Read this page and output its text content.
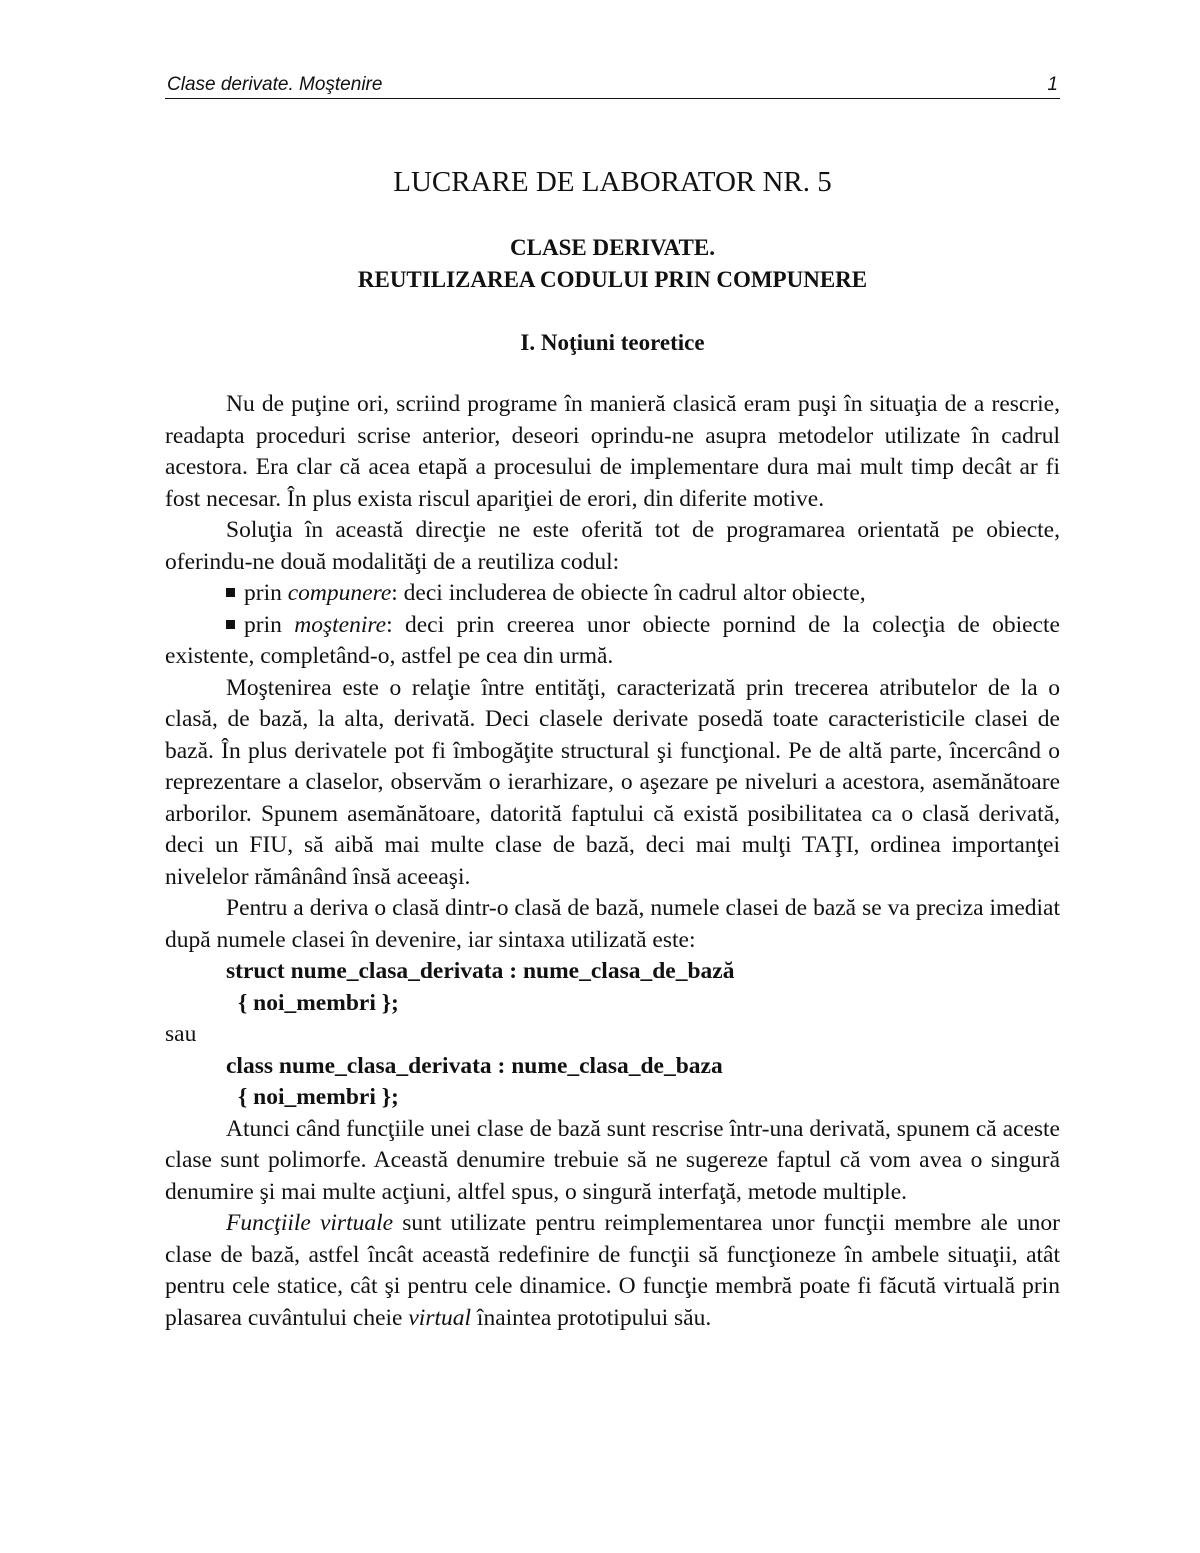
Clase derivate. Moştenire	1
LUCRARE DE LABORATOR NR. 5
CLASE DERIVATE.
REUTILIZAREA CODULUI PRIN COMPUNERE
I. Noţiuni teoretice

Nu de puţine ori, scriind programe în manieră clasică eram puşi în situaţia de a rescrie, readapta proceduri scrise anterior, deseori oprindu-ne asupra metodelor utilizate în cadrul acestora. Era clar că acea etapă a procesului de implementare dura mai mult timp decât ar fi fost necesar. În plus exista riscul apariţiei de erori, din diferite motive.

Soluţia în această direcţie ne este oferită tot de programarea orientată pe obiecte, oferindu-ne două modalităţi de a reutiliza codul:

prin compunere: deci includerea de obiecte în cadrul altor obiecte,
prin moştenire: deci prin creerea unor obiecte pornind de la colecţia de obiecte existente, completând-o, astfel pe cea din urmă.

Moştenirea este o relaţie între entităţi, caracterizată prin trecerea atributelor de la o clasă, de bază, la alta, derivată. Deci clasele derivate posedă toate caracteristicile clasei de bază. În plus derivatele pot fi îmbogăţite structural şi funcţional. Pe de altă parte, încercând o reprezentare a claselor, observăm o ierarhizare, o aşezare pe niveluri a acestora, asemănătoare arborilor. Spunem asemănătoare, datorită faptului că există posibilitatea ca o clasă derivată, deci un FIU, să aibă mai multe clase de bază, deci mai mulţi TAŢI, ordinea importanţei nivelelor rămânând însă aceeaşi.

Pentru a deriva o clasă dintr-o clasă de bază, numele clasei de bază se va preciza imediat după numele clasei în devenire, iar sintaxa utilizată este:

struct nume_clasa_derivata : nume_clasa_de_bază
{ noi_membri };

sau

class nume_clasa_derivata : nume_clasa_de_baza
{ noi_membri };

Atunci când funcţiile unei clase de bază sunt rescrise într-una derivată, spunem că aceste clase sunt polimorfe. Această denumire trebuie să ne sugereze faptul că vom avea o singură denumire şi mai multe acţiuni, altfel spus, o singură interfaţă, metode multiple.

Funcţiile virtuale sunt utilizate pentru reimplementarea unor funcţii membre ale unor clase de bază, astfel încât această redefinire de funcţii să funcţioneze în ambele situaţii, atât pentru cele statice, cât şi pentru cele dinamice. O funcţie membră poate fi făcută virtuală prin plasarea cuvântului cheie virtual înaintea prototipului său.
